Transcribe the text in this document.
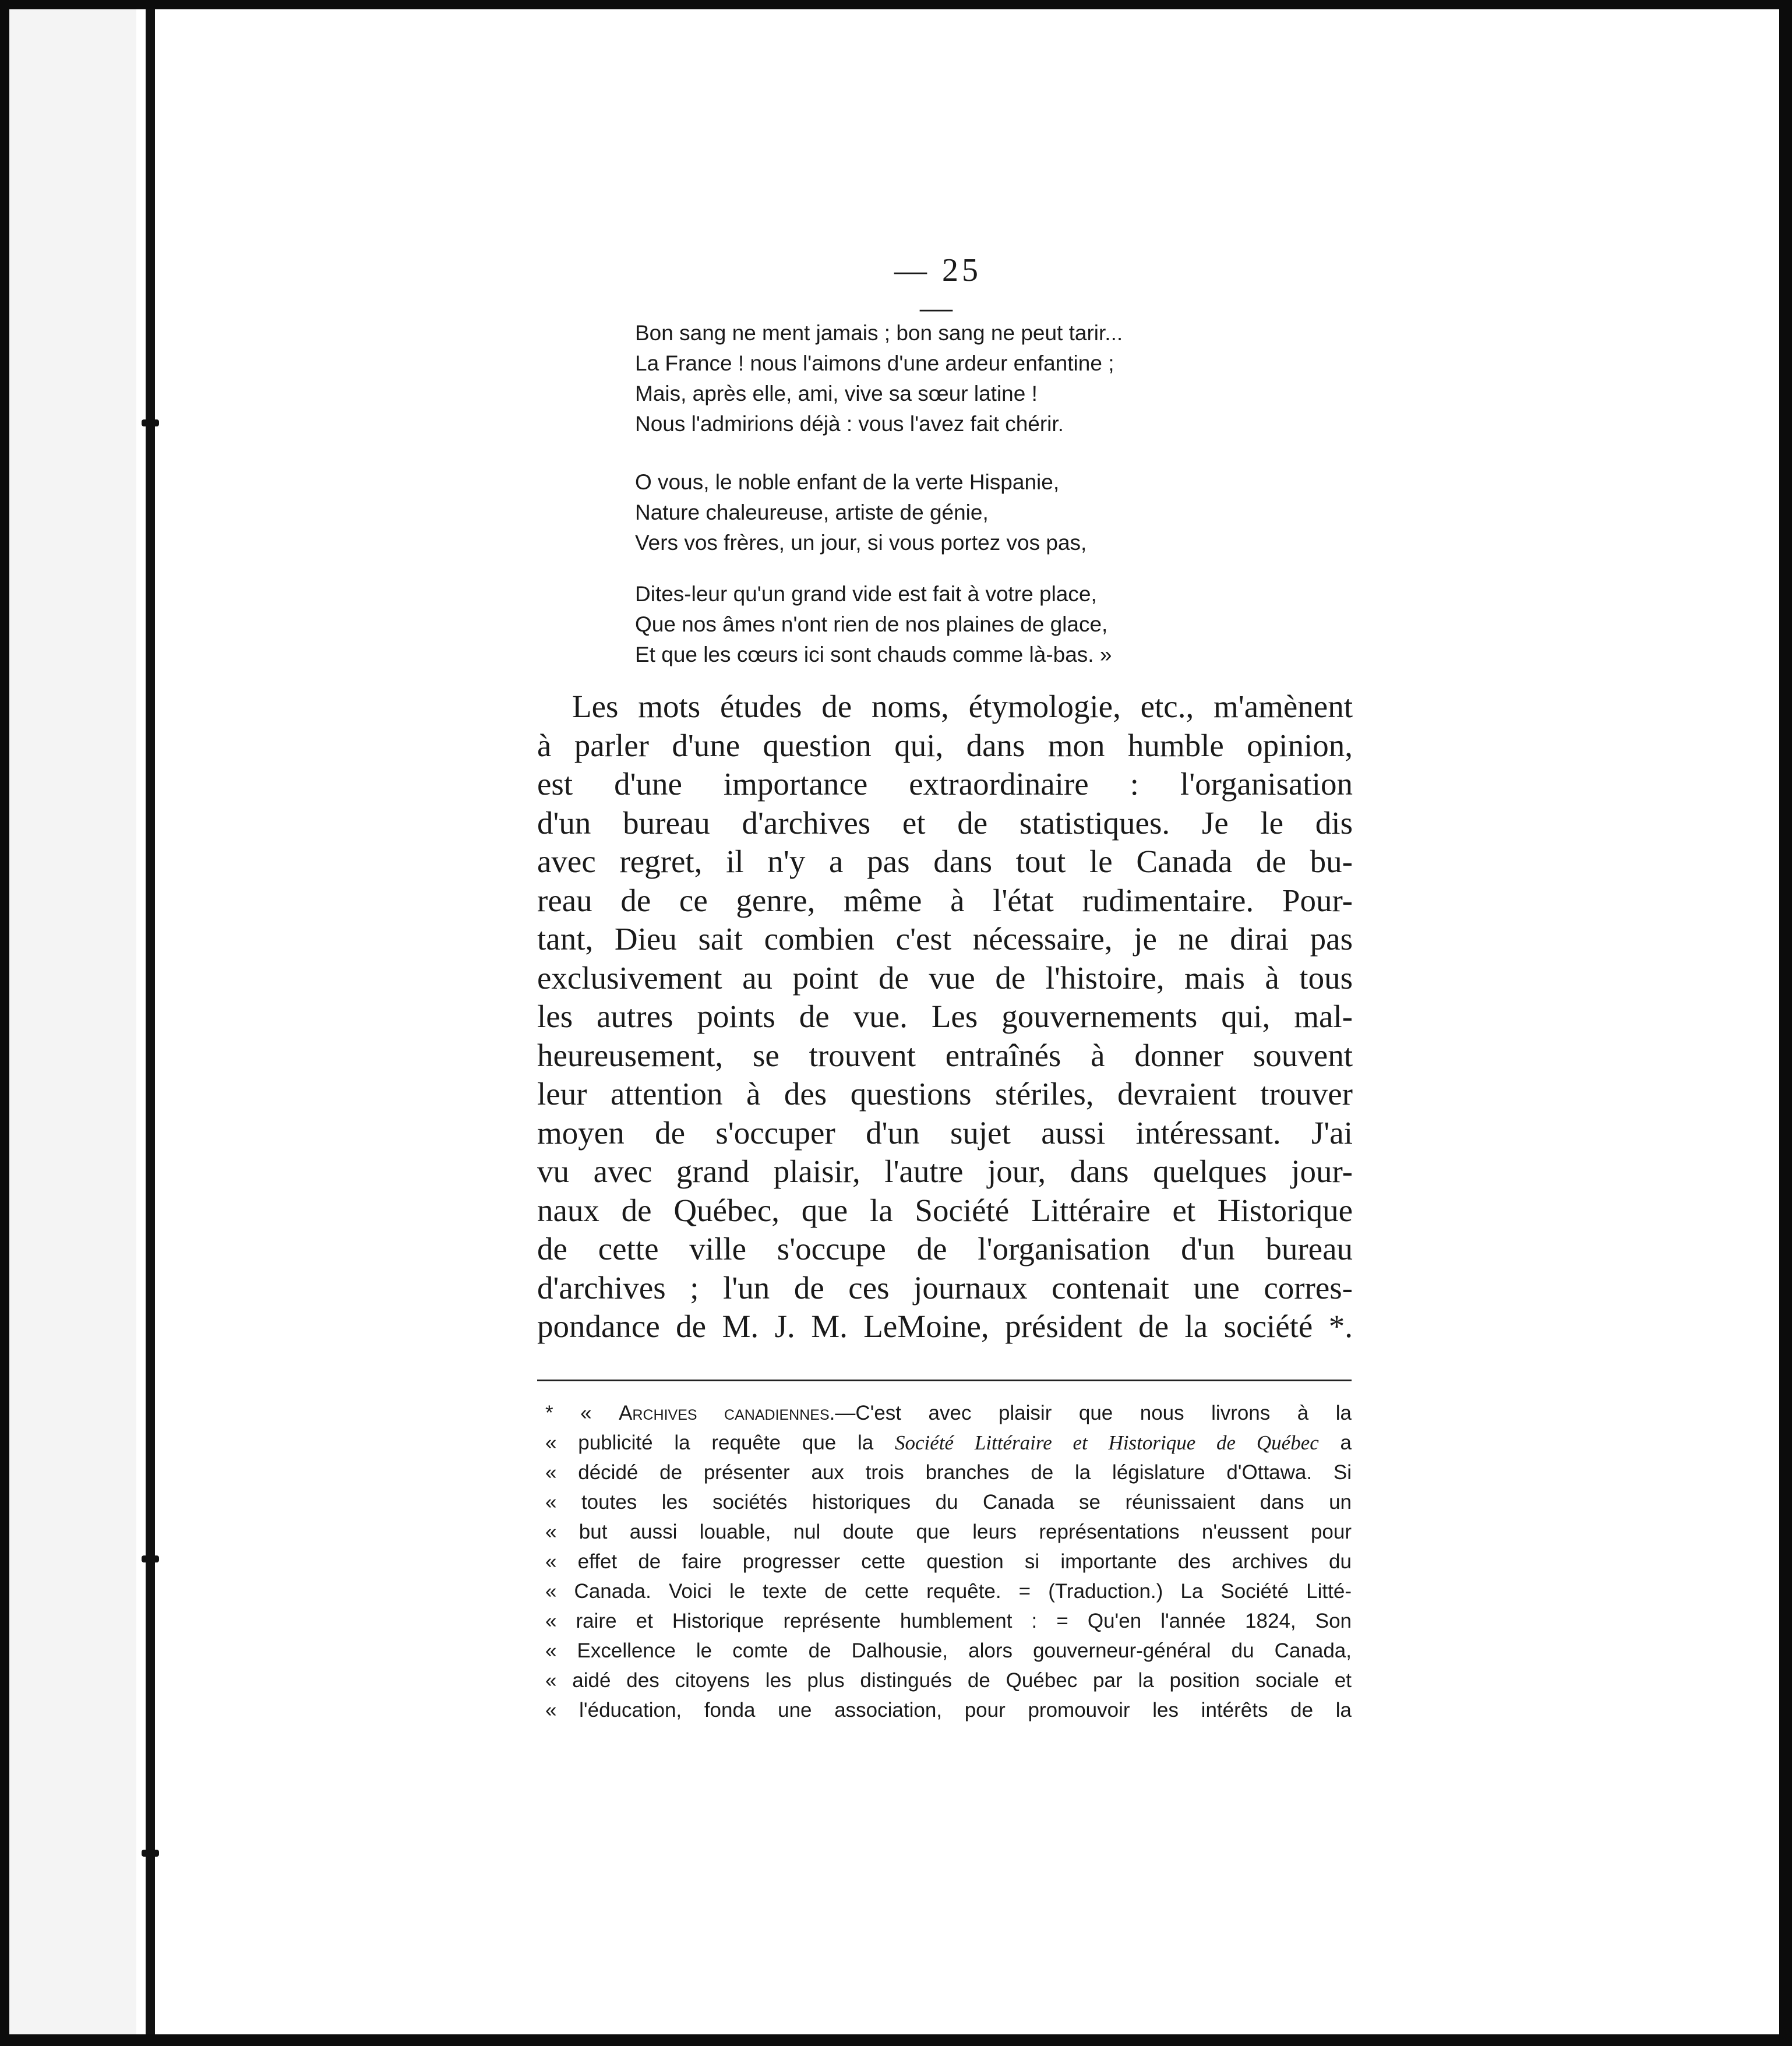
— 25 —
Bon sang ne ment jamais ; bon sang ne peut tarir...
La France ! nous l'aimons d'une ardeur enfantine ;
Mais, après elle, ami, vive sa sœur latine !
Nous l'admirions déjà : vous l'avez fait chérir.
O vous, le noble enfant de la verte Hispanie,
Nature chaleureuse, artiste de génie,
Vers vos frères, un jour, si vous portez vos pas,
Dites-leur qu'un grand vide est fait à votre place,
Que nos âmes n'ont rien de nos plaines de glace,
Et que les cœurs ici sont chauds comme là-bas. »
Les mots études de noms, étymologie, etc., m'amènent
à parler d'une question qui, dans mon humble opinion,
est d'une importance extraordinaire : l'organisation
d'un bureau d'archives et de statistiques. Je le dis
avec regret, il n'y a pas dans tout le Canada de bu-
reau de ce genre, même à l'état rudimentaire. Pour-
tant, Dieu sait combien c'est nécessaire, je ne dirai pas
exclusivement au point de vue de l'histoire, mais à tous
les autres points de vue. Les gouvernements qui, mal-
heureusement, se trouvent entraînés à donner souvent
leur attention à des questions stériles, devraient trouver
moyen de s'occuper d'un sujet aussi intéressant. J'ai
vu avec grand plaisir, l'autre jour, dans quelques jour-
naux de Québec, que la Société Littéraire et Historique
de cette ville s'occupe de l'organisation d'un bureau
d'archives ; l'un de ces journaux contenait une corres-
pondance de M. J. M. LeMoine, président de la société *.
* « Archives canadiennes.—C'est avec plaisir que nous livrons à la
« publicité la requête que la Société Littéraire et Historique de Québec a
« décidé de présenter aux trois branches de la législature d'Ottawa. Si
« toutes les sociétés historiques du Canada se réunissaient dans un
« but aussi louable, nul doute que leurs représentations n'eussent pour
« effet de faire progresser cette question si importante des archives du
« Canada. Voici le texte de cette requête. = (Traduction.) La Société Litté-
« raire et Historique représente humblement : = Qu'en l'année 1824, Son
« Excellence le comte de Dalhousie, alors gouverneur-général du Canada,
« aidé des citoyens les plus distingués de Québec par la position sociale et
« l'éducation, fonda une association, pour promouvoir les intérêts de la
